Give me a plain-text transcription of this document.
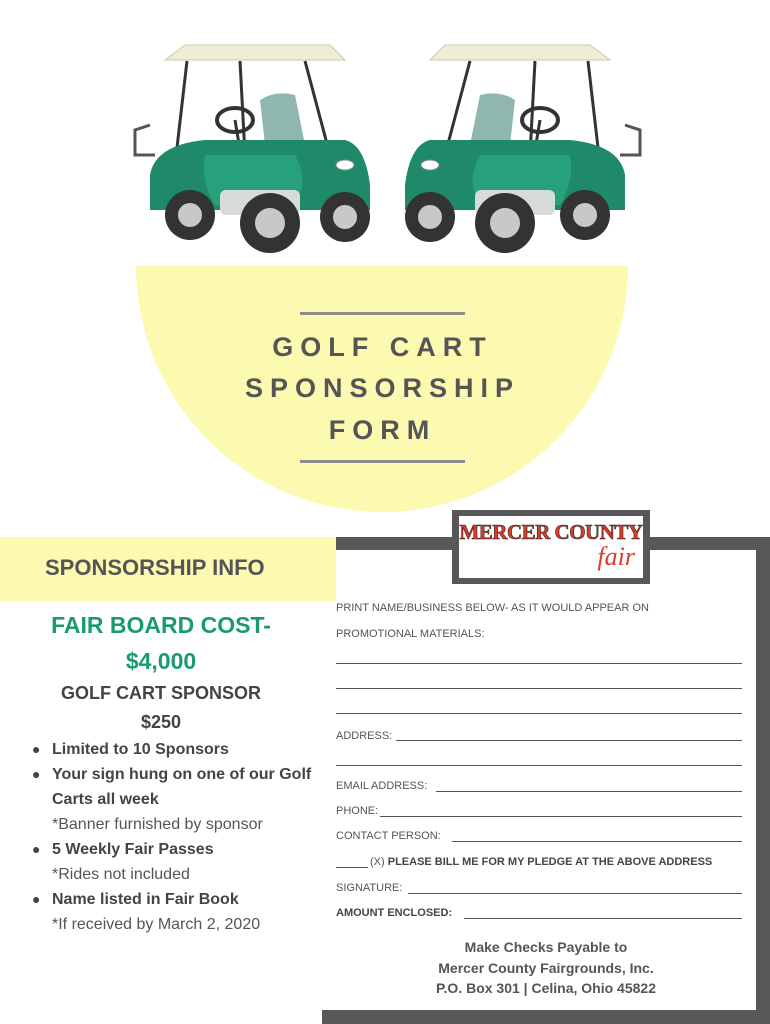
GOLF CART
SPONSORSHIP
FORM
SPONSORSHIP INFO
MERCER COUNTY
fair
FAIR BOARD COST-
$4,000
GOLF CART SPONSOR
$250
● Limited to 10 Sponsors
● Your sign hung on one of our Golf Carts all week
*Banner furnished by sponsor
● 5 Weekly Fair Passes
*Rides not included
● Name listed in Fair Book
*If received by March 2, 2020
PRINT NAME/BUSINESS BELOW- AS IT WOULD APPEAR ON
PROMOTIONAL MATERIALS:
ADDRESS:
EMAIL ADDRESS:
PHONE:
CONTACT PERSON:
(X) PLEASE BILL ME FOR MY PLEDGE AT THE ABOVE ADDRESS
SIGNATURE:
AMOUNT ENCLOSED:
Make Checks Payable to
Mercer County Fairgrounds, Inc.
P.O. Box 301 | Celina, Ohio 45822
